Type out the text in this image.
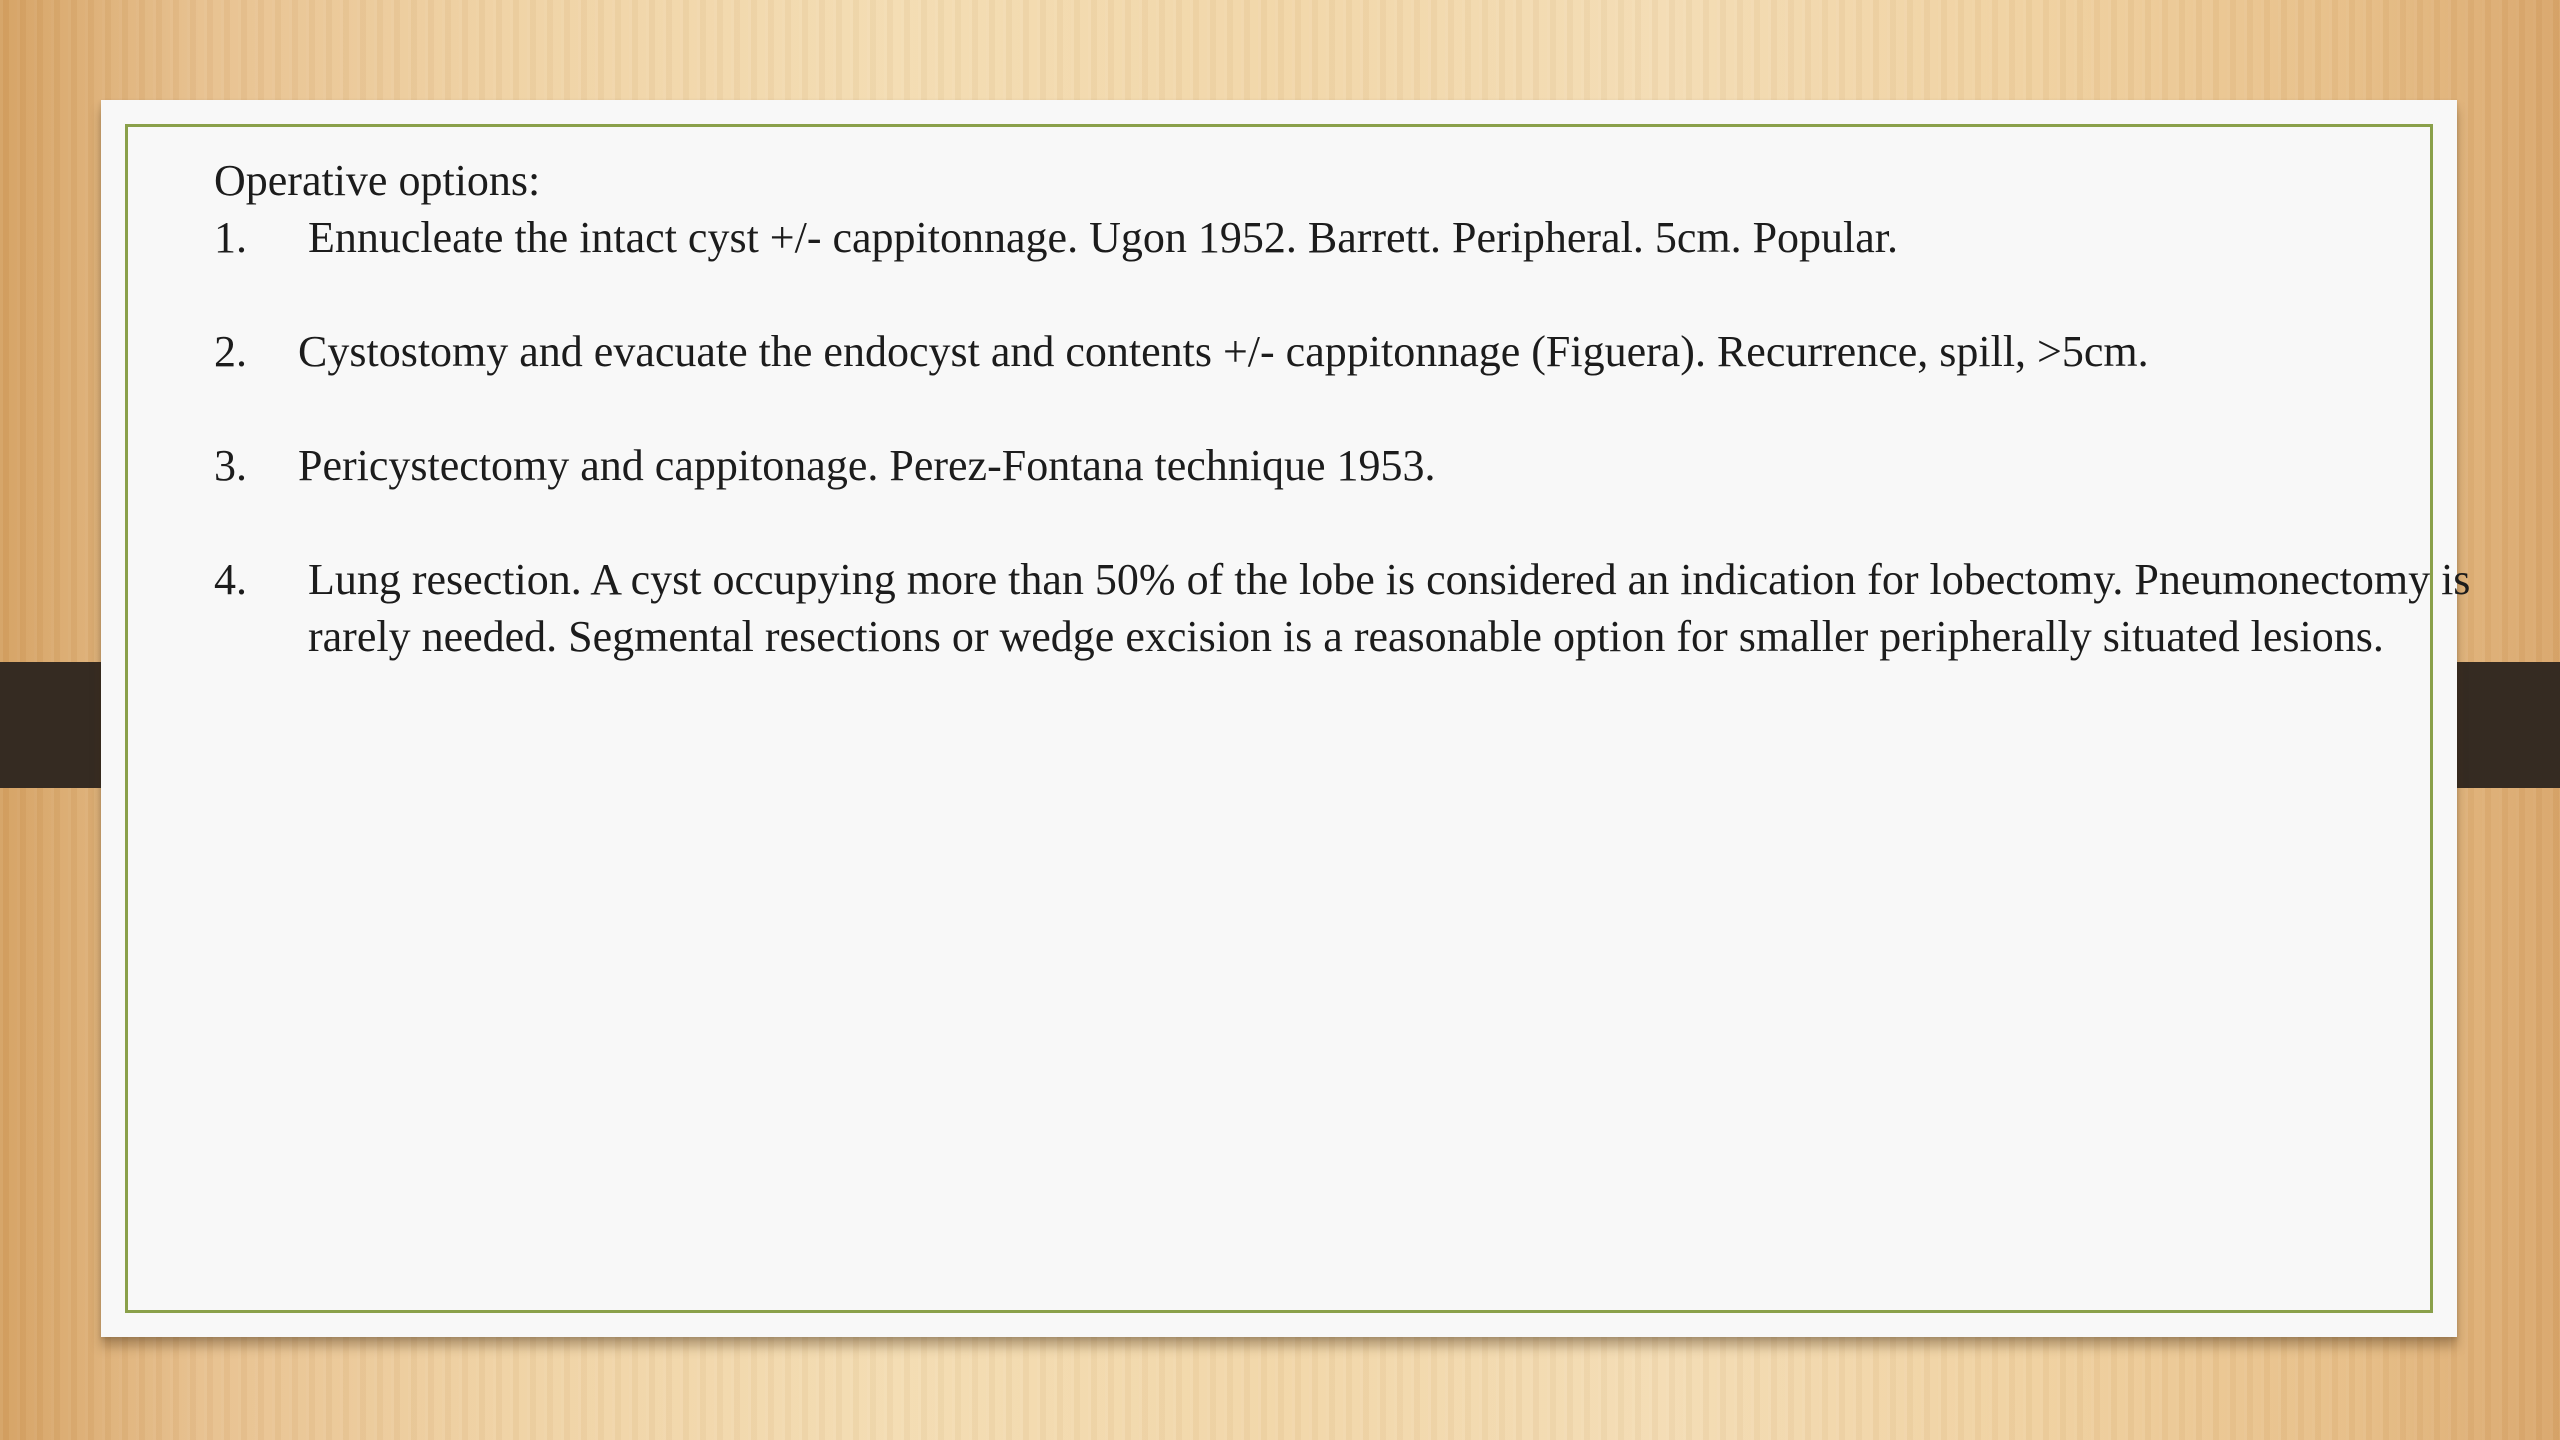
Operative options:

1. Ennucleate the intact cyst +/- cappitonnage. Ugon 1952. Barrett. Peripheral. 5cm. Popular.
2. Cystostomy and evacuate the endocyst and contents +/- cappitonnage (Figuera). Recurrence, spill, >5cm.
3. Pericystectomy and cappitonage. Perez-Fontana technique 1953.
4. Lung resection. A cyst occupying more than 50% of the lobe is considered an indication for lobectomy. Pneumonectomy is rarely needed. Segmental resections or wedge excision is a reasonable option for smaller peripherally situated lesions.
